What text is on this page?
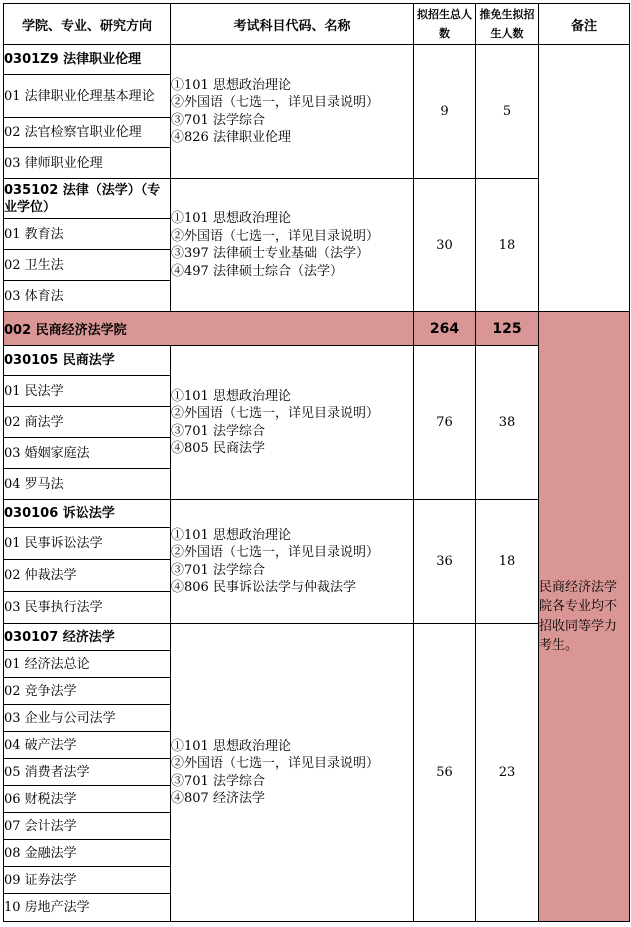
学院、专业、研究方向	考试科目代码、名称	拟招生总人数	推免生拟招生人数	备注
0301Z9 法律职业伦理	①101 思想政治理论
②外国语（七选一，详见目录说明）
③701 法学综合
④826 法律职业伦理	9	5	
01 法律职业伦理基本理论				
02 法官检察官职业伦理				
03 律师职业伦理				
035102 法律（法学）（专业学位）	①101 思想政治理论
②外国语（七选一，详见目录说明）
③397 法律硕士专业基础（法学）
④497 法律硕士综合（法学）	30	18	
01 教育法				
02 卫生法				
03 体育法				
002 民商经济法学院		264	125	民商经济法学院各专业均不招收同等学力考生。
030105 民商法学	①101 思想政治理论
②外国语（七选一，详见目录说明）
③701 法学综合
④805 民商法学	76	38	
01 民法学				
02 商法学				
03 婚姻家庭法				
04 罗马法				
030106 诉讼法学	①101 思想政治理论
②外国语（七选一，详见目录说明）
③701 法学综合
④806 民事诉讼法学与仲裁法学	36	18	
01 民事诉讼法学				
02 仲裁法学				
03 民事执行法学				
030107 经济法学	①101 思想政治理论
②外国语（七选一，详见目录说明）
③701 法学综合
④807 经济法学	56	23	
01 经济法总论				
02 竞争法学				
03 企业与公司法学				
04 破产法学				
05 消费者法学				
06 财税法学				
07 会计法学				
08 金融法学				
09 证券法学				
10 房地产法学				
